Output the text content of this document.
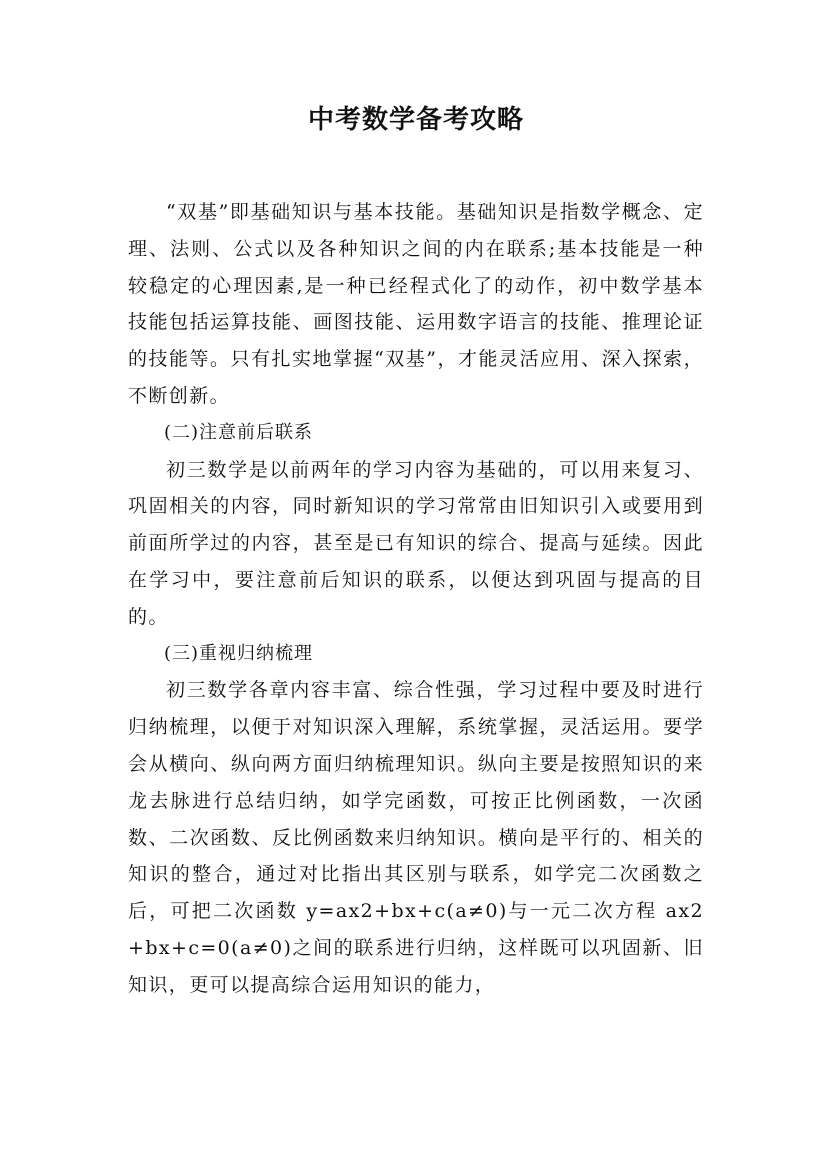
中考数学备考攻略

“双基”即基础知识与基本技能。基础知识是指数学概念、定理、法则、公式以及各种知识之间的内在联系;基本技能是一种较稳定的心理因素,是一种已经程式化了的动作，初中数学基本技能包括运算技能、画图技能、运用数字语言的技能、推理论证的技能等。只有扎实地掌握“双基”，才能灵活应用、深入探索，不断创新。

(二)注意前后联系

初三数学是以前两年的学习内容为基础的，可以用来复习、巩固相关的内容，同时新知识的学习常常由旧知识引入或要用到前面所学过的内容，甚至是已有知识的综合、提高与延续。因此在学习中，要注意前后知识的联系，以便达到巩固与提高的目的。

(三)重视归纳梳理

初三数学各章内容丰富、综合性强，学习过程中要及时进行归纳梳理，以便于对知识深入理解，系统掌握，灵活运用。要学会从横向、纵向两方面归纳梳理知识。纵向主要是按照知识的来龙去脉进行总结归纳，如学完函数，可按正比例函数，一次函数、二次函数、反比例函数来归纳知识。横向是平行的、相关的知识的整合，通过对比指出其区别与联系，如学完二次函数之后，可把二次函数 y=ax2+bx+c(a≠0)与一元二次方程 ax2+bx+c=0(a≠0)之间的联系进行归纳，这样既可以巩固新、旧知识，更可以提高综合运用知识的能力，
